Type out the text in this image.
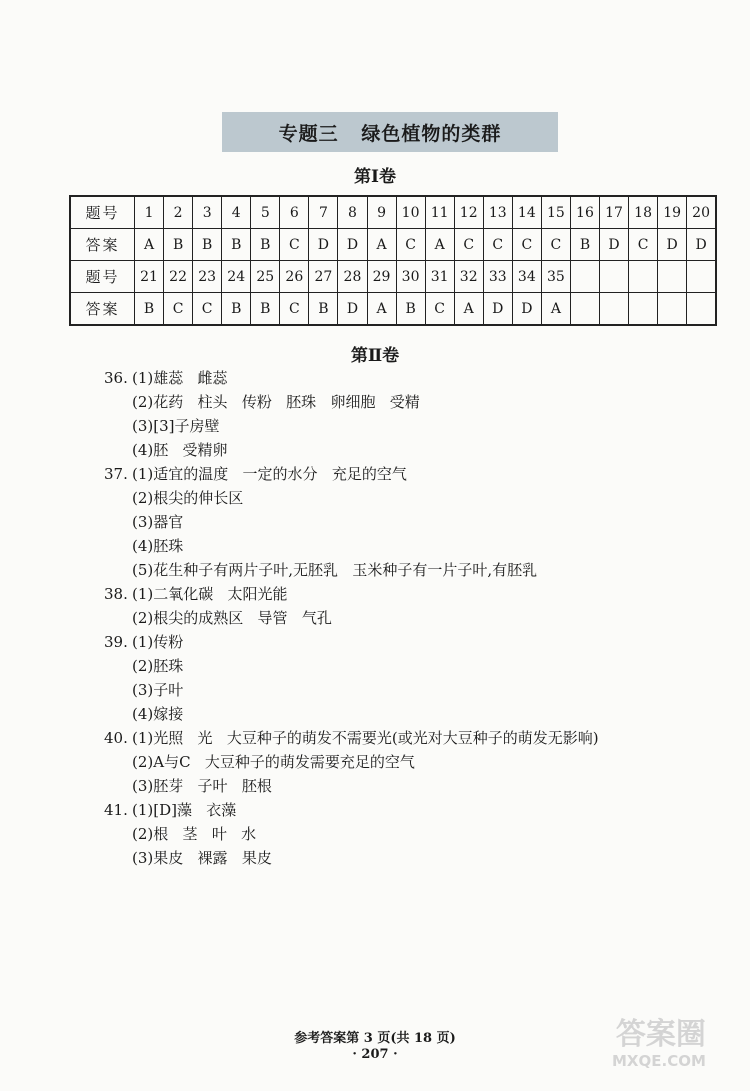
专题三   绿色植物的类群
第Ⅰ卷
题号	1	2	3	4	5	6	7	8	9	10	11	12	13	14	15	16	17	18	19	20
答案	A	B	B	B	B	C	D	D	A	C	A	C	C	C	C	B	D	C	D	D
题号	21	22	23	24	25	26	27	28	29	30	31	32	33	34	35					
答案	B	C	C	B	B	C	B	D	A	B	C	A	D	D	A					
第Ⅱ卷
36. (1)雄蕊   雌蕊
(2)花药   柱头   传粉   胚珠   卵细胞   受精
(3)[3]子房壁
(4)胚   受精卵
37. (1)适宜的温度   一定的水分   充足的空气
(2)根尖的伸长区
(3)器官
(4)胚珠
(5)花生种子有两片子叶,无胚乳   玉米种子有一片子叶,有胚乳
38. (1)二氧化碳   太阳光能
(2)根尖的成熟区   导管   气孔
39. (1)传粉
(2)胚珠
(3)子叶
(4)嫁接
40. (1)光照   光   大豆种子的萌发不需要光(或光对大豆种子的萌发无影响)
(2)A与C   大豆种子的萌发需要充足的空气
(3)胚芽   子叶   胚根
41. (1)[D]藻   衣藻
(2)根   茎   叶   水
(3)果皮   裸露   果皮
参考答案第 3 页(共 18 页)
· 207 ·
答案圈
MXQE.COM
